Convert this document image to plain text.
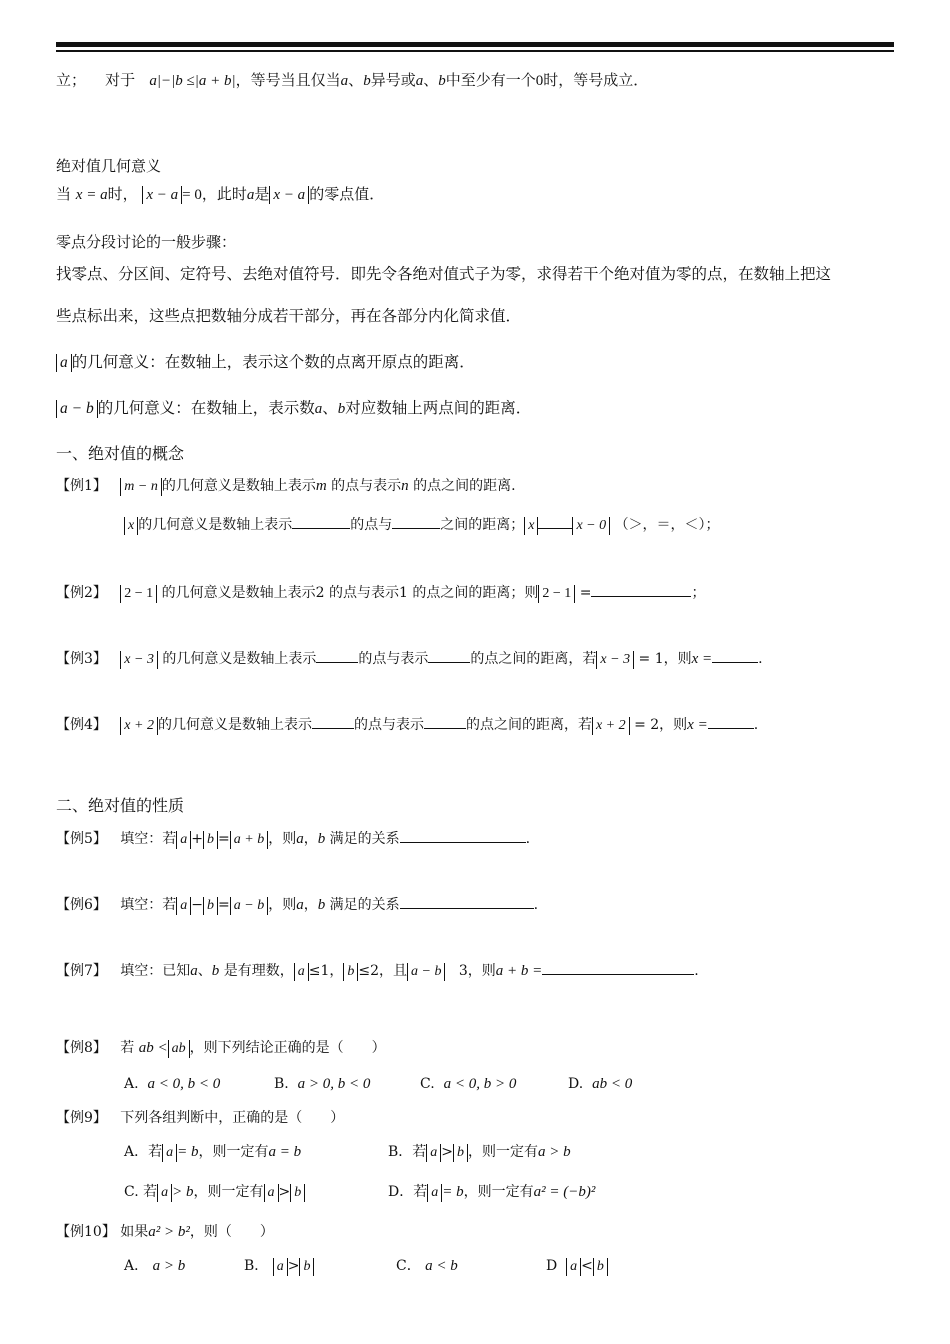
立； 对于 a|−|b ≤|a + b|，等号当且仅当a、b异号或a、b中至少有一个0时，等号成立．
绝对值几何意义
当 x = a时， x − a = 0，此时a是 x − a 的零点值．
零点分段讨论的一般步骤：
找零点、分区间、定符号、去绝对值符号．即先令各绝对值式子为零，求得若干个绝对值为零的点，在数轴上把这
些点标出来，这些点把数轴分成若干部分，再在各部分内化简求值．
a 的几何意义：在数轴上，表示这个数的点离开原点的距离．
a − b 的几何意义：在数轴上，表示数a、b对应数轴上两点间的距离．
一、绝对值的概念
【例1】 m − n 的几何意义是数轴上表示m 的点与表示n 的点之间的距离.
x 的几何意义是数轴上表示	的点与	之间的距离； x	x − 0 （＞，＝，＜）；
【例2】 2 − 1 的几何意义是数轴上表示2 的点与表示1 的点之间的距离；则 2 − 1 =	；
【例3】 x − 3 的几何意义是数轴上表示	的点与表示	的点之间的距离，若 x − 3 = 1，则x =	.
【例4】 x + 2 的几何意义是数轴上表示	的点与表示	的点之间的距离，若 x + 2 = 2，则x =	.
二、绝对值的性质
【例5】 填空：若 a + b = a + b ，则a，b 满足的关系	.
【例6】 填空：若 a − b = a − b ，则a，b 满足的关系	.
【例7】 填空：已知a、b 是有理数， a ≤1， b ≤2，且 a − b 3，则a + b =	.
【例8】 若 ab < ab ，则下列结论正确的是（　　）
A. a < 0, b < 0	B. a > 0, b < 0	C. a < 0, b > 0	D. ab < 0
【例9】 下列各组判断中，正确的是（　　）
A．若 a = b，则一定有a = b	B．若 a > b ，则一定有a > b
C. 若 a > b，则一定有 a > b	D．若 a = b，则一定有a² = (−b)²
【例10】 如果a² > b²，则（　　）
A． a > b	B． a > b	C． a < b	D a < b
